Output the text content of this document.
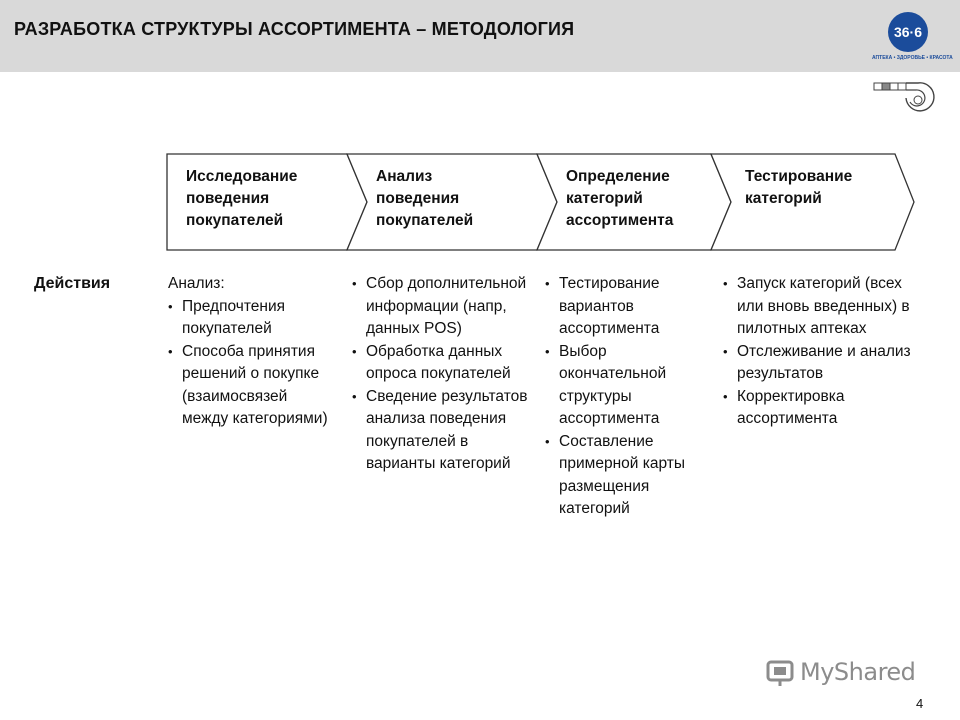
РАЗРАБОТКА СТРУКТУРЫ АССОРТИМЕНТА – МЕТОДОЛОГИЯ	36·6
АПТЕКА • ЗДОРОВЬЕ • КРАСОТА
Исследование
поведения
покупателей
Анализ
поведения
покупателей
Определение
категорий
ассортимента
Тестирование
категорий
Действия	Анализ:

• Предпочтения покупателей
• Способа принятия решений о покупке (взаимосвязей между категориями)
• Сбор дополнительной информации (напр, данных POS)
• Обработка данных опроса покупателей
• Сведение результатов анализа поведения покупателей в варианты категорий
• Тестирование вариантов ассортимента
• Выбор окончательной структуры ассортимента
• Составление примерной карты размещения категорий
• Запуск категорий (всех или вновь введенных) в пилотных аптеках
• Отслеживание и анализ результатов
• Корректировка ассортимента
MyShared
4
